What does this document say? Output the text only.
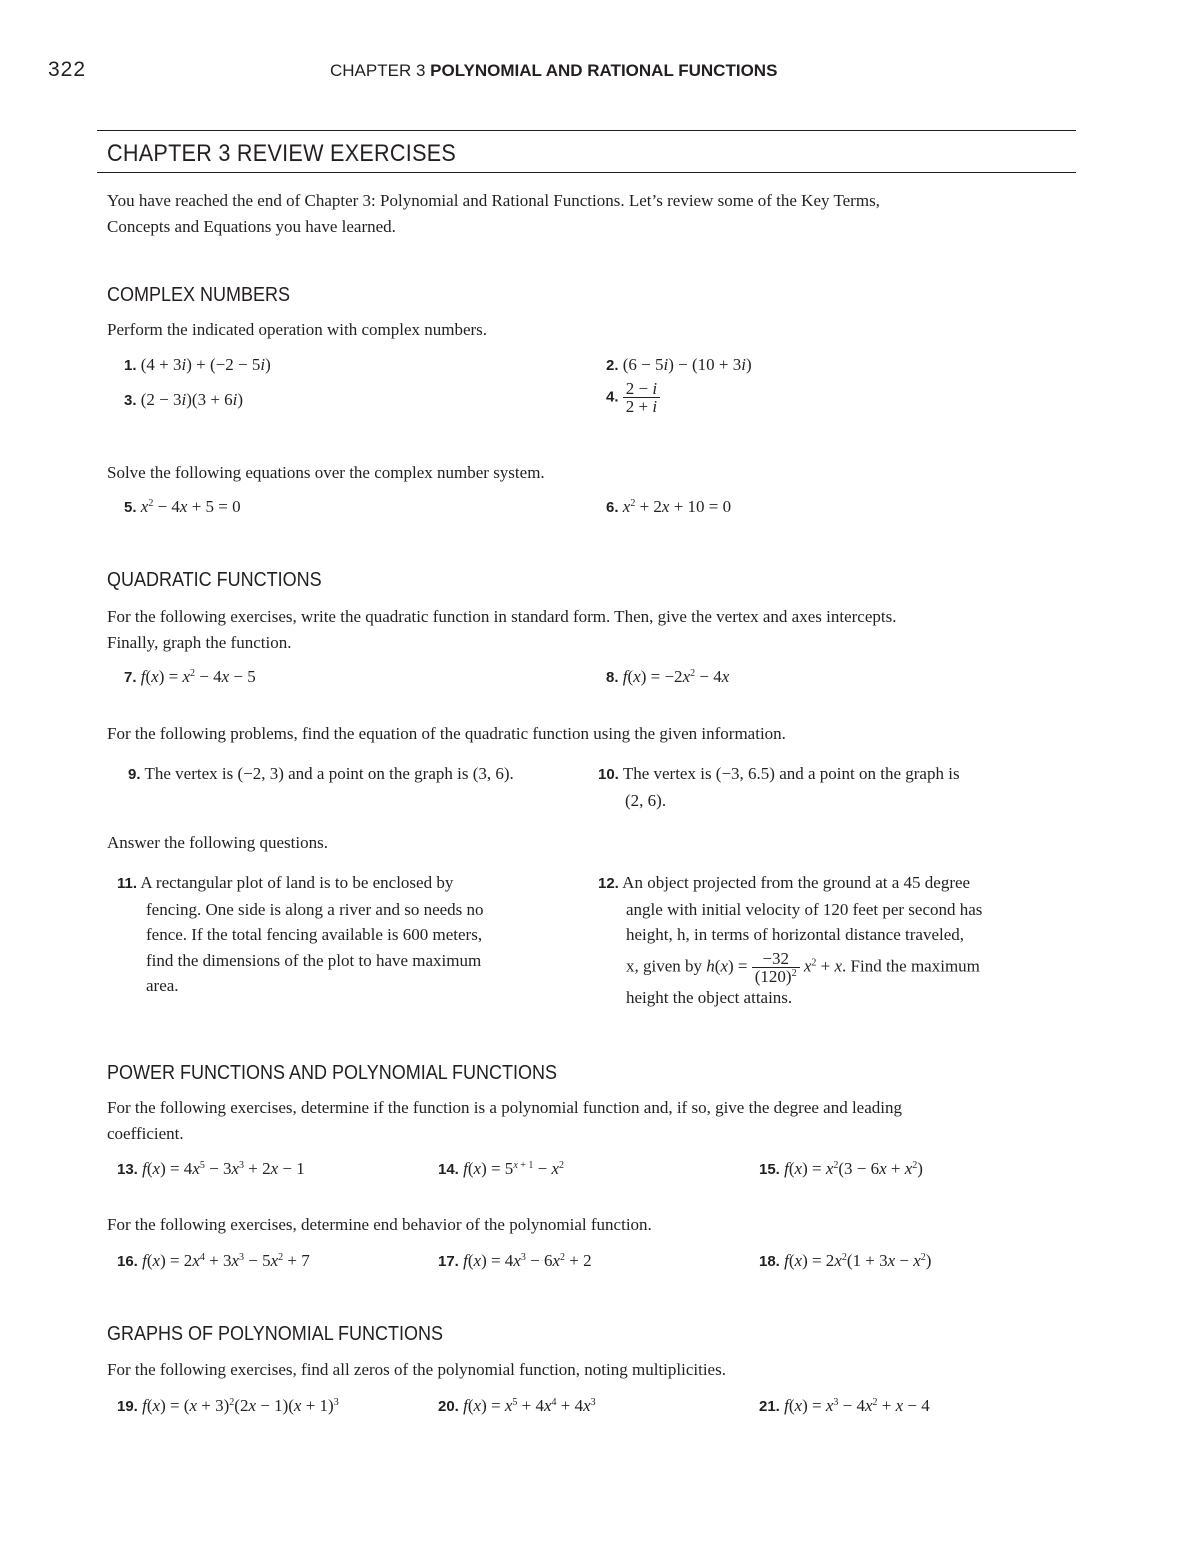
322	CHAPTER 3 POLYNOMIAL AND RATIONAL FUNCTIONS
CHAPTER 3 REVIEW EXERCISES
You have reached the end of Chapter 3: Polynomial and Rational Functions. Let’s review some of the Key Terms,
Concepts and Equations you have learned.
COMPLEX NUMBERS
Perform the indicated operation with complex numbers.
1. (4 + 3i) + (−2 − 5i)	2. (6 − 5i) − (10 + 3i)
3. (2 − 3i)(3 + 6i)	4. $\frac{2 - i}{2 + i}$
Solve the following equations over the complex number system.
5. $x^2 - 4x + 5 = 0$	6. $x^2 + 2x + 10 = 0$
QUADRATIC FUNCTIONS
For the following exercises, write the quadratic function in standard form. Then, give the vertex and axes intercepts.
Finally, graph the function.
7. $f(x) = x^2 - 4x - 5$	8. $f(x) = -2x^2 - 4x$
For the following problems, find the equation of the quadratic function using the given information.
9. The vertex is (−2, 3) and a point on the graph is (3, 6).	10. The vertex is (−3, 6.5) and a point on the graph is
(2, 6).
Answer the following questions.
11. A rectangular plot of land is to be enclosed by
fencing. One side is along a river and so needs no
fence. If the total fencing available is 600 meters,
find the dimensions of the plot to have maximum
area.
12. An object projected from the ground at a 45 degree
angle with initial velocity of 120 feet per second has
height, h, in terms of horizontal distance traveled,
x, given by $h(x) = \frac{-32}{(120)^2} x^2 + x$. Find the maximum
height the object attains.
POWER FUNCTIONS AND POLYNOMIAL FUNCTIONS
For the following exercises, determine if the function is a polynomial function and, if so, give the degree and leading
coefficient.
13. $f(x) = 4x^5 - 3x^3 + 2x - 1$	14. $f(x) = 5^{x + 1} - x^2$	15. $f(x) = x^2(3 - 6x + x^2)$
For the following exercises, determine end behavior of the polynomial function.
16. $f(x) = 2x^4 + 3x^3 - 5x^2 + 7$	17. $f(x) = 4x^3 - 6x^2 + 2$	18. $f(x) = 2x^2(1 + 3x - x^2)$
GRAPHS OF POLYNOMIAL FUNCTIONS
For the following exercises, find all zeros of the polynomial function, noting multiplicities.
19. $f(x) = (x + 3)^2(2x - 1)(x + 1)^3$	20. $f(x) = x^5 + 4x^4 + 4x^3$	21. $f(x) = x^3 - 4x^2 + x - 4$
